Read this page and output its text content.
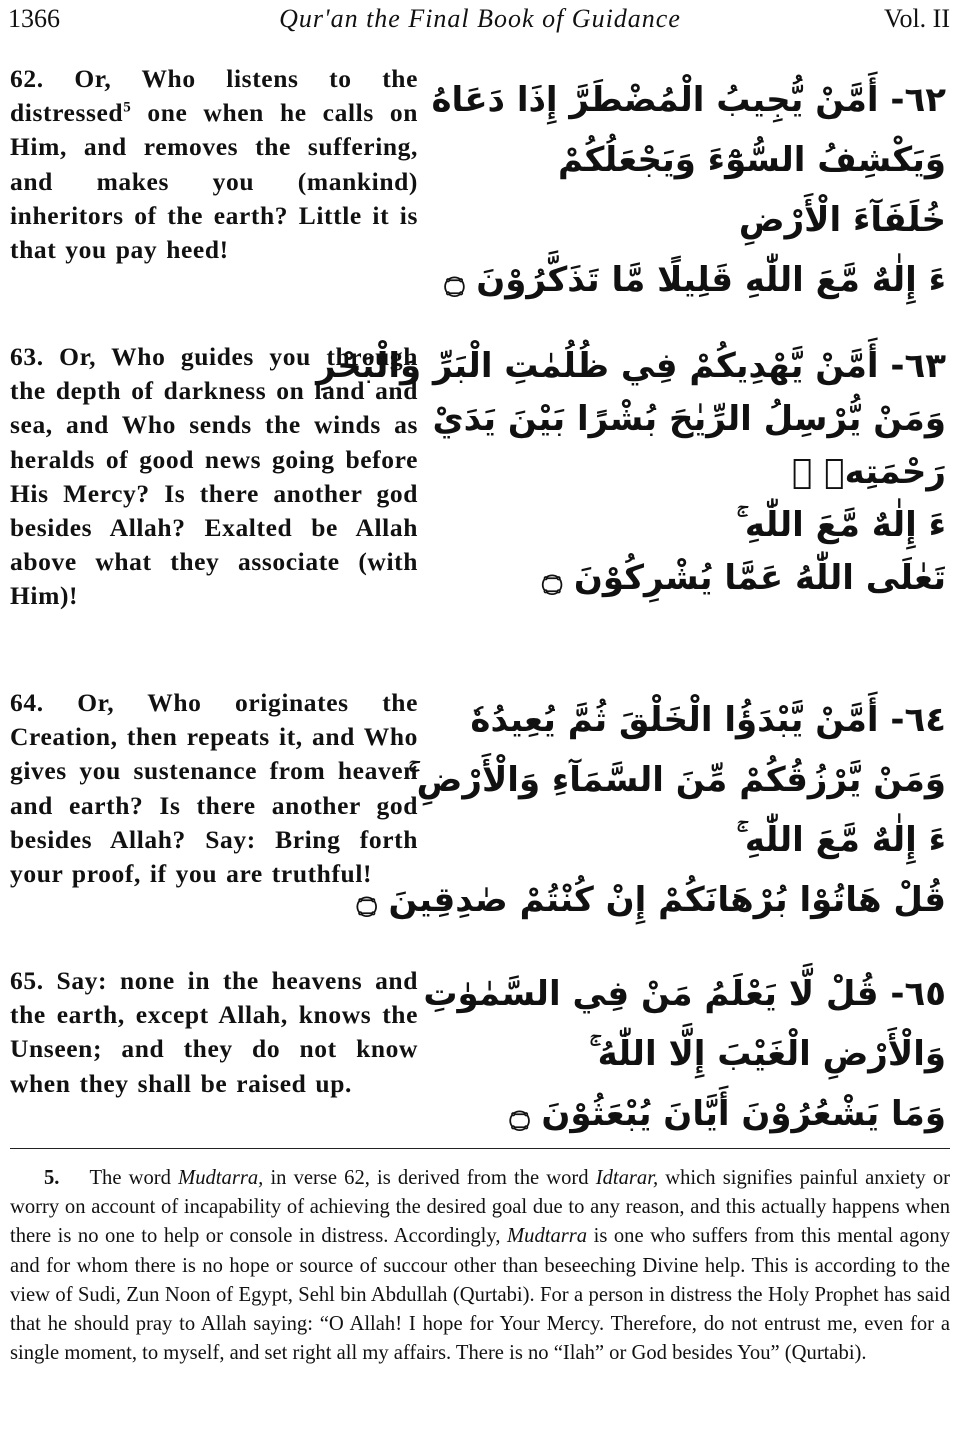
1366	Qur'an the Final Book of Guidance	Vol. II
62. Or, Who listens to the distressed$^5$ one when he calls on Him, and removes the suffering, and makes you (mankind) inheritors of the earth? Little it is that you pay heed!
٦٢- أَمَّنْ يُّجِيبُ الْمُضْطَرَّ إِذَا دَعَاهُ
وَيَكْشِفُ السُّوْٓءَ وَيَجْعَلُكُمْ
خُلَفَآءَ الْأَرْضِ
ءَ إِلٰهٌ مَّعَ اللّٰهِ قَلِيلًا مَّا تَذَكَّرُوْنَ ۝
63. Or, Who guides you through the depth of darkness on land and sea, and Who sends the winds as heralds of good news going before His Mercy? Is there another god besides Allah? Exalted be Allah above what they associate (with Him)!
٦٣- أَمَّنْ يَّهْدِيكُمْ فِي ظُلُمٰتِ الْبَرِّ وَالْبَحْرِ
وَمَنْ يُّرْسِلُ الرِّيٰحَ بُشْرًا بَيْنَ يَدَيْ
رَحْمَتِهٖ ۚ
ءَ إِلٰهٌ مَّعَ اللّٰهِ ۚ
تَعٰلَى اللّٰهُ عَمَّا يُشْرِكُوْنَ ۝
64. Or, Who originates the Creation, then repeats it, and Who gives you sustenance from heaven and earth? Is there another god besides Allah? Say: Bring forth your proof, if you are truthful!
٦٤- أَمَّنْ يَّبْدَؤُا الْخَلْقَ ثُمَّ يُعِيدُهٗ
وَمَنْ يَّرْزُقُكُمْ مِّنَ السَّمَآءِ وَالْأَرْضِ ۚ
ءَ إِلٰهٌ مَّعَ اللّٰهِ ۚ
قُلْ هَاتُوْا بُرْهَانَكُمْ إِنْ كُنْتُمْ صٰدِقِينَ ۝
65. Say: none in the heavens and the earth, except Allah, knows the Unseen; and they do not know when they shall be raised up.
٦٥- قُلْ لَّا يَعْلَمُ مَنْ فِي السَّمٰوٰتِ
وَالْأَرْضِ الْغَيْبَ إِلَّا اللّٰهُ ۚ
وَمَا يَشْعُرُوْنَ أَيَّانَ يُبْعَثُوْنَ ۝
5. The word Mudtarra, in verse 62, is derived from the word Idtarar, which signifies painful anxiety or worry on account of incapability of achieving the desired goal due to any reason, and this actually happens when there is no one to help or console in distress. Accordingly, Mudtarra is one who suffers from this mental agony and for whom there is no hope or source of succour other than beseeching Divine help. This is according to the view of Sudi, Zun Noon of Egypt, Sehl bin Abdullah (Qurtabi). For a person in distress the Holy Prophet has said that he should pray to Allah saying: “O Allah! I hope for Your Mercy. Therefore, do not entrust me, even for a single moment, to myself, and set right all my affairs. There is no “Ilah” or God besides You” (Qurtabi).
